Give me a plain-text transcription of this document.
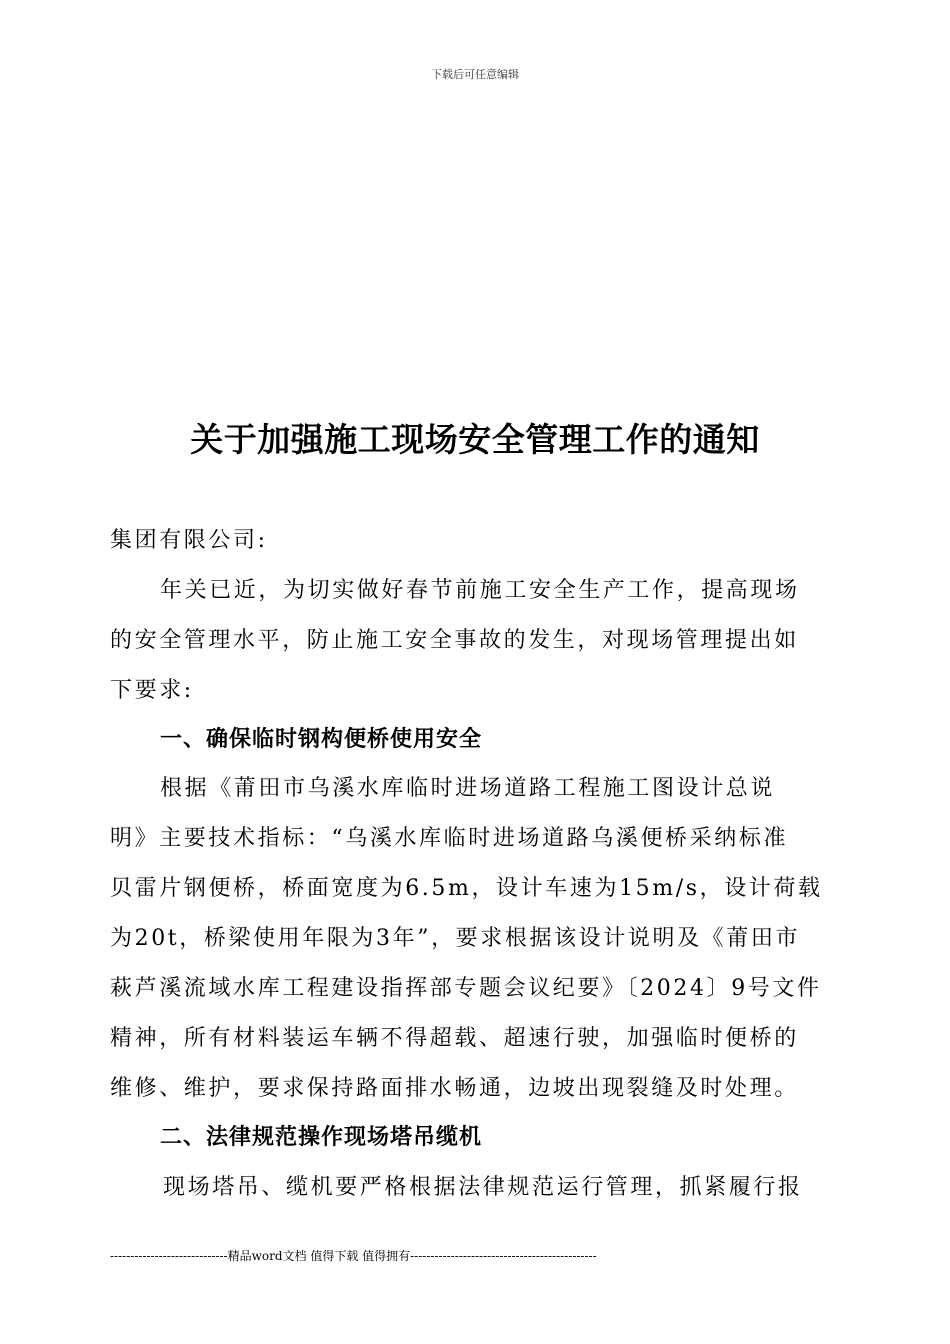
下载后可任意编辑
关于加强施工现场安全管理工作的通知
集团有限公司:
年关已近，为切实做好春节前施工安全生产工作，提高现场
的安全管理水平，防止施工安全事故的发生，对现场管理提出如
下要求:
一、确保临时钢构便桥使用安全
根据《莆田市乌溪水库临时进场道路工程施工图设计总说
明》主要技术指标：“乌溪水库临时进场道路乌溪便桥采纳标准
贝雷片钢便桥，桥面宽度为6.5m，设计车速为15m/s，设计荷载
为20t，桥梁使用年限为3年”，要求根据该设计说明及《莆田市
萩芦溪流域水库工程建设指挥部专题会议纪要》〔2024〕9号文件
精神，所有材料装运车辆不得超载、超速行驶，加强临时便桥的
维修、维护，要求保持路面排水畅通，边坡出现裂缝及时处理。
二、法律规范操作现场塔吊缆机
现场塔吊、缆机要严格根据法律规范运行管理，抓紧履行报
-----------------------------精品word文档 值得下载 值得拥有----------------------------------------------
